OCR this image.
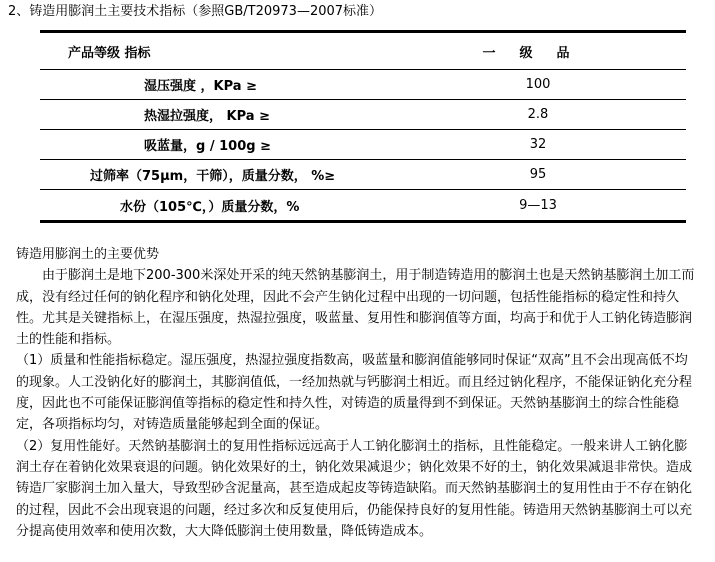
2、铸造用膨润土主要技术指标（参照GB/T20973—2007标准）
产品等级 指标	一级品
湿压强度 ，KPa ≥	100
热湿拉强度， KPa ≥	2.8
吸蓝量，g / 100g ≥	32
过筛率（75μm，干筛），质量分数， %≥	95
水份（105℃，）质量分数，%	9—13

铸造用膨润土的主要优势

由于膨润土是地下200-300米深处开采的纯天然钠基膨润土，用于制造铸造用的膨润土也是天然钠基膨润土加工而成，没有经过任何的钠化程序和钠化处理，因此不会产生钠化过程中出现的一切问题，包括性能指标的稳定性和持久性。尤其是关键指标上，在湿压强度，热湿拉强度，吸蓝量、复用性和膨润值等方面，均高于和优于人工钠化铸造膨润土的性能和指标。

（1）质量和性能指标稳定。湿压强度，热湿拉强度指数高，吸蓝量和膨润值能够同时保证“双高”且不会出现高低不均的现象。人工没钠化好的膨润土，其膨润值低，一经加热就与钙膨润土相近。而且经过钠化程序，不能保证钠化充分程度，因此也不可能保证膨润值等指标的稳定性和持久性，对铸造的质量得到不到保证。天然钠基膨润土的综合性能稳定，各项指标均匀，对铸造质量能够起到全面的保证。

（2）复用性能好。天然钠基膨润土的复用性指标远远高于人工钠化膨润土的指标，且性能稳定。一般来讲人工钠化膨润土存在着钠化效果衰退的问题。钠化效果好的土，钠化效果减退少；钠化效果不好的土，钠化效果减退非常快。造成铸造厂家膨润土加入量大，导致型砂含泥量高，甚至造成起皮等铸造缺陷。而天然钠基膨润土的复用性由于不存在钠化的过程，因此不会出现衰退的问题，经过多次和反复使用后，仍能保持良好的复用性能。铸造用天然钠基膨润土可以充分提高使用效率和使用次数，大大降低膨润土使用数量，降低铸造成本。
